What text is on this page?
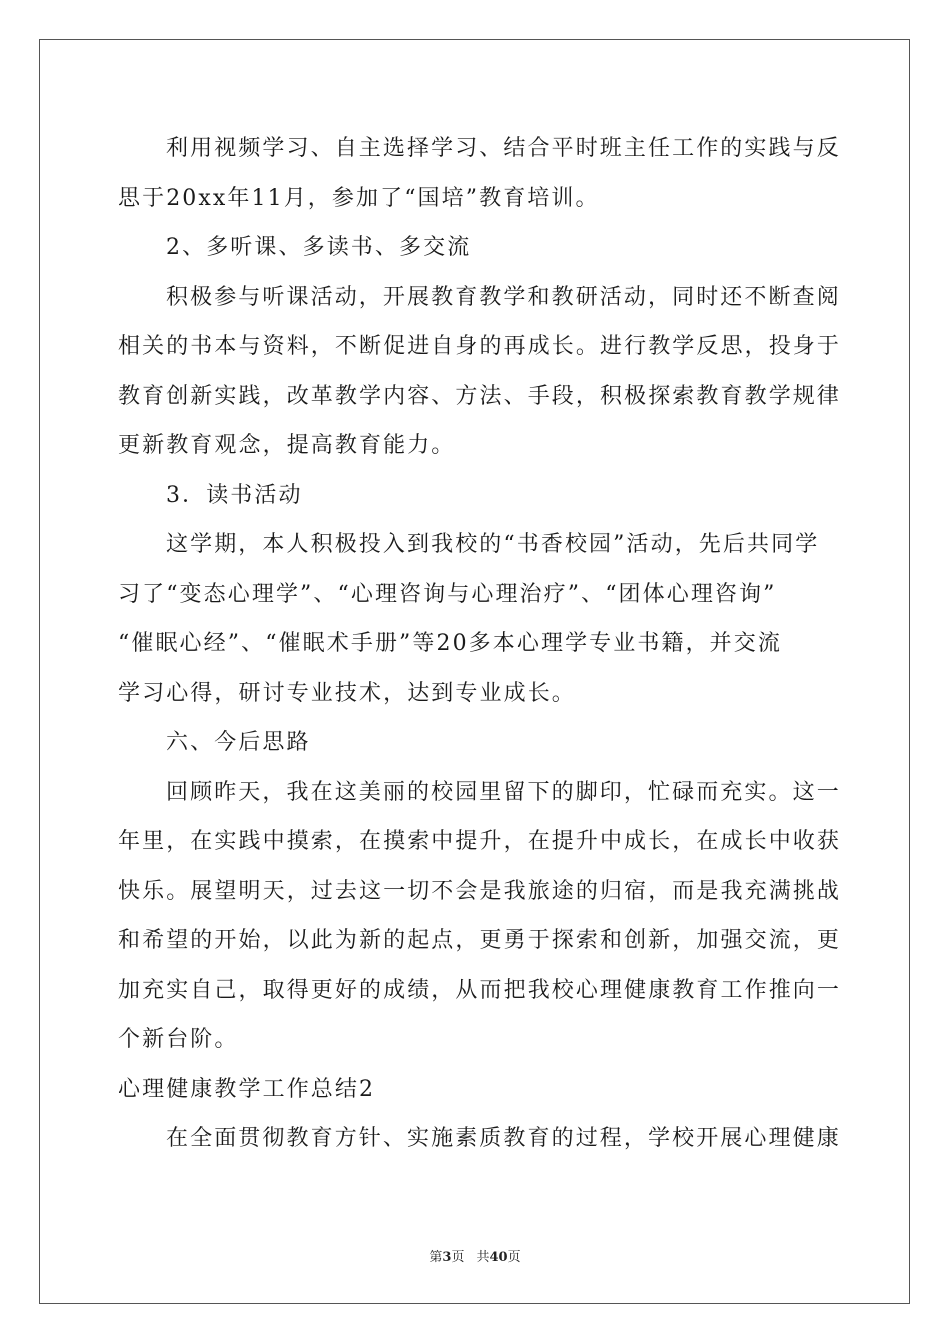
利用视频学习、自主选择学习、结合平时班主任工作的实践与反
思于20xx年11月，参加了“国培”教育培训。
2、多听课、多读书、多交流
积极参与听课活动，开展教育教学和教研活动，同时还不断查阅
相关的书本与资料，不断促进自身的再成长。进行教学反思，投身于
教育创新实践，改革教学内容、方法、手段，积极探索教育教学规律
更新教育观念，提高教育能力。
3．读书活动
这学期，本人积极投入到我校的“书香校园”活动，先后共同学
习了“变态心理学”、“心理咨询与心理治疗”、“团体心理咨询”
“催眠心经”、“催眠术手册”等20多本心理学专业书籍，并交流
学习心得，研讨专业技术，达到专业成长。
六、今后思路
回顾昨天，我在这美丽的校园里留下的脚印，忙碌而充实。这一
年里，在实践中摸索，在摸索中提升，在提升中成长，在成长中收获
快乐。展望明天，过去这一切不会是我旅途的归宿，而是我充满挑战
和希望的开始，以此为新的起点，更勇于探索和创新，加强交流，更
加充实自己，取得更好的成绩，从而把我校心理健康教育工作推向一
个新台阶。
心理健康教学工作总结2
在全面贯彻教育方针、实施素质教育的过程，学校开展心理健康
第3页 共40页
